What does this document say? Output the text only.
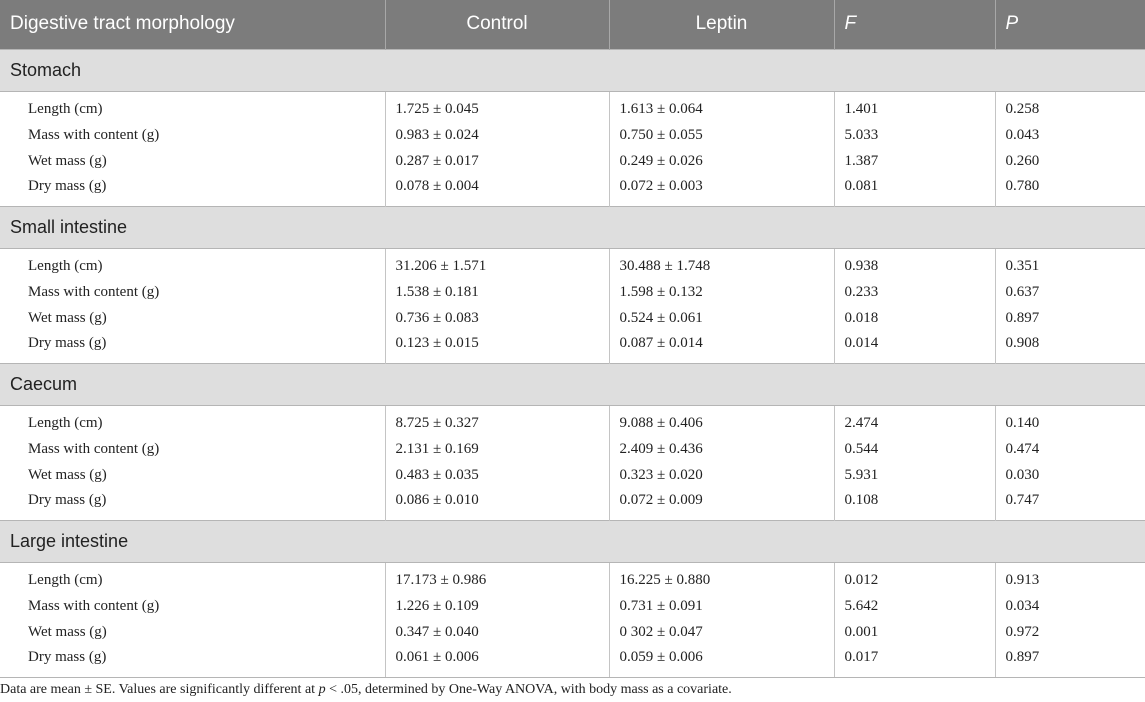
Digestive tract morphology	Control	Leptin	F	P
Stomach				
Length (cm)	1.725 ± 0.045	1.613 ± 0.064	1.401	0.258
Mass with content (g)	0.983 ± 0.024	0.750 ± 0.055	5.033	0.043
Wet mass (g)	0.287 ± 0.017	0.249 ± 0.026	1.387	0.260
Dry mass (g)	0.078 ± 0.004	0.072 ± 0.003	0.081	0.780
Small intestine				
Length (cm)	31.206 ± 1.571	30.488 ± 1.748	0.938	0.351
Mass with content (g)	1.538 ± 0.181	1.598 ± 0.132	0.233	0.637
Wet mass (g)	0.736 ± 0.083	0.524 ± 0.061	0.018	0.897
Dry mass (g)	0.123 ± 0.015	0.087 ± 0.014	0.014	0.908
Caecum				
Length (cm)	8.725 ± 0.327	9.088 ± 0.406	2.474	0.140
Mass with content (g)	2.131 ± 0.169	2.409 ± 0.436	0.544	0.474
Wet mass (g)	0.483 ± 0.035	0.323 ± 0.020	5.931	0.030
Dry mass (g)	0.086 ± 0.010	0.072 ± 0.009	0.108	0.747
Large intestine				
Length (cm)	17.173 ± 0.986	16.225 ± 0.880	0.012	0.913
Mass with content (g)	1.226 ± 0.109	0.731 ± 0.091	5.642	0.034
Wet mass (g)	0.347 ± 0.040	0 302 ± 0.047	0.001	0.972
Dry mass (g)	0.061 ± 0.006	0.059 ± 0.006	0.017	0.897
Data are mean ± SE. Values are significantly different at p < .05, determined by One-Way ANOVA, with body mass as a covariate.
